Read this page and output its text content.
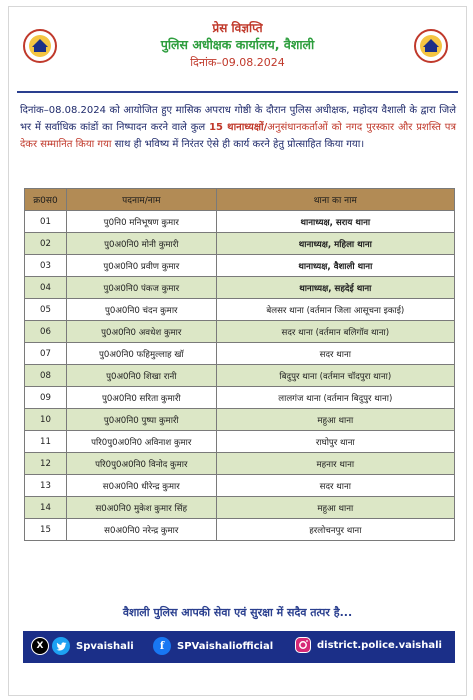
प्रेस विज्ञप्ति
पुलिस अधीक्षक कार्यालय, वैशाली
दिनांक–09.08.2024
दिनांक–08.08.2024 को आयोजित हुए मासिक अपराध गोष्ठी के दौरान पुलिस अधीक्षक, महोदय वैशाली के द्वारा जिले भर में सर्वाधिक कांडों का निष्पादन करने वाले कुल 15 थानाध्यक्षों/अनुसंधानकर्ताओं को नगद पुरस्कार और प्रशस्ति पत्र देकर सम्मानित किया गया साथ ही भविष्य में निरंतर ऐसे ही कार्य करने हेतु प्रोत्साहित किया गया।
क्र0स0	पदनाम/नाम	थाना का नाम
01	पु0नि0 मनिभूषण कुमार	थानाध्यक्ष, सराय थाना
02	पु0अ0नि0 मोनी कुमारी	थानाध्यक्ष, महिला थाना
03	पु0अ0नि0 प्रवीण कुमार	थानाध्यक्ष, वैशाली थाना
04	पु0अ0नि0 पंकज कुमार	थानाध्यक्ष, सहदेई थाना
05	पु0अ0नि0 चंदन कुमार	बेलसर थाना (वर्तमान जिला आसूचना इकाई)
06	पु0अ0नि0 अवधेश कुमार	सदर थाना (वर्तमान बलिगॉव थाना)
07	पु0अ0नि0 फहिमुल्लाह खॉ	सदर थाना
08	पु0अ0नि0 शिखा रानी	बिदुपुर थाना (वर्तमान चॉदपुरा थाना)
09	पु0अ0नि0 सरिता कुमारी	लालगंज थाना (वर्तमान बिदुपुर थाना)
10	पु0अ0नि0 पुष्पा कुमारी	महुआ थाना
11	परि0पु0अ0नि0 अविनाश कुमार	राघोपुर थाना
12	परि0पु0अ0नि0 विनोद कुमार	महनार थाना
13	स0अ0नि0 धीरेन्द्र कुमार	सदर थाना
14	स0अ0नि0 मुकेश कुमार सिंह	महुआ थाना
15	स0अ0नि0 नरेन्द्र कुमार	हरलोचनपुर थाना
वैशाली पुलिस आपकी सेवा एवं सुरक्षा में सदैव तत्पर है...
X	Spvaishali	f	SPVaishaliofficial	district.police.vaishali
